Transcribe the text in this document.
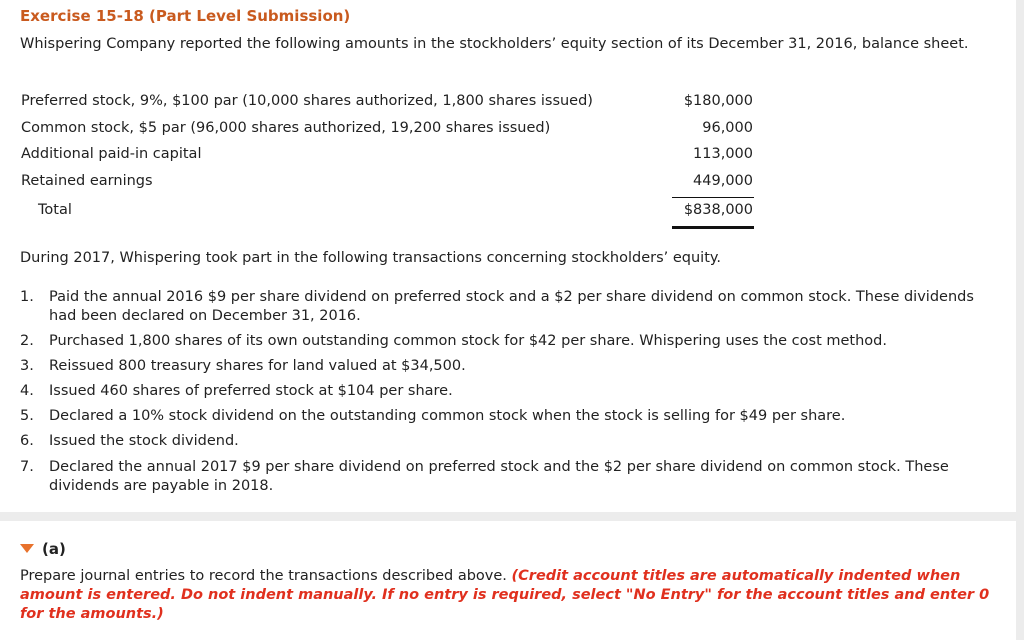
Exercise 15-18 (Part Level Submission)
Whispering Company reported the following amounts in the stockholders’ equity section of its December 31, 2016, balance sheet.
Preferred stock, 9%, $100 par (10,000 shares authorized, 1,800 shares issued)	$180,000
Common stock, $5 par (96,000 shares authorized, 19,200 shares issued)	96,000
Additional paid-in capital	113,000
Retained earnings	449,000
Total	$838,000
During 2017, Whispering took part in the following transactions concerning stockholders’ equity.
1.	Paid the annual 2016 $9 per share dividend on preferred stock and a $2 per share dividend on common stock. These dividends had been declared on December 31, 2016.
2.	Purchased 1,800 shares of its own outstanding common stock for $42 per share. Whispering uses the cost method.
3.	Reissued 800 treasury shares for land valued at $34,500.
4.	Issued 460 shares of preferred stock at $104 per share.
5.	Declared a 10% stock dividend on the outstanding common stock when the stock is selling for $49 per share.
6.	Issued the stock dividend.
7.	Declared the annual 2017 $9 per share dividend on preferred stock and the $2 per share dividend on common stock. These dividends are payable in 2018.
(a)
Prepare journal entries to record the transactions described above. (Credit account titles are automatically indented when amount is entered. Do not indent manually. If no entry is required, select "No Entry" for the account titles and enter 0 for the amounts.)
